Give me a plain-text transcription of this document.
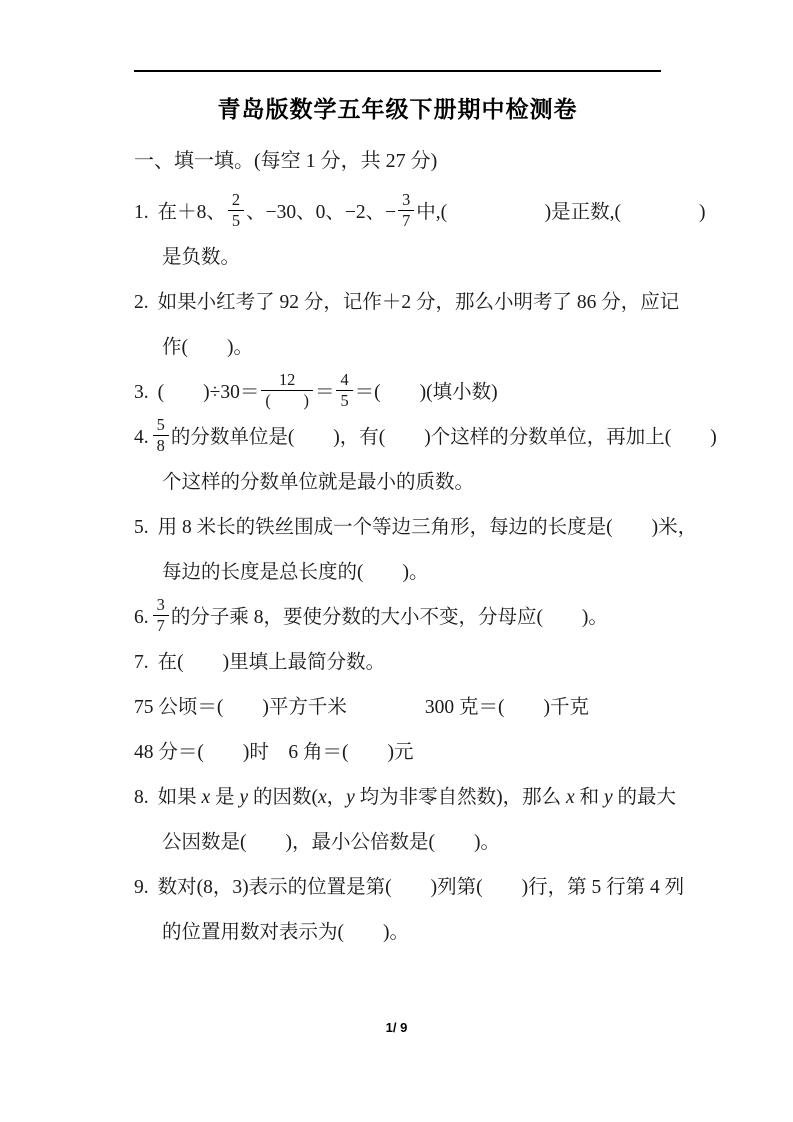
青岛版数学五年级下册期中检测卷
一、填一填。(每空 1 分，共 27 分)
1. 在＋8、 $\frac{2}{5}$ 、−30、0、−2、− $\frac{3}{7}$ 中,(　　　　　)是正数,(　　　　)
是负数。
2. 如果小红考了 92 分，记作＋2 分，那么小明考了 86 分，应记
作(　　)。
3. (　　)$\div 30= \frac{12}{( )} = \frac{4}{5}$ ＝(　　)(填小数)
4. $\frac{5}{8}$ 的分数单位是(　　)，有(　　)个这样的分数单位，再加上(　　)
个这样的分数单位就是最小的质数。
5. 用 8 米长的铁丝围成一个等边三角形，每边的长度是(　　)米，
每边的长度是总长度的(　　)。
6. $\frac{3}{7}$ 的分子乘 8，要使分数的大小不变，分母应(　　)。
7. 在(　　)里填上最简分数。
75 公顷＝(　　)平方千米　　　　300 克＝(　　)千克
48 分＝(　　)时　6 角＝(　　)元
8. 如果 x 是 y 的因数(x，y 均为非零自然数)，那么 x 和 y 的最大
公因数是(　　)，最小公倍数是(　　)。
9. 数对(8，3)表示的位置是第(　　)列第(　　)行，第 5 行第 4 列
的位置用数对表示为(　　)。
1/ 9
